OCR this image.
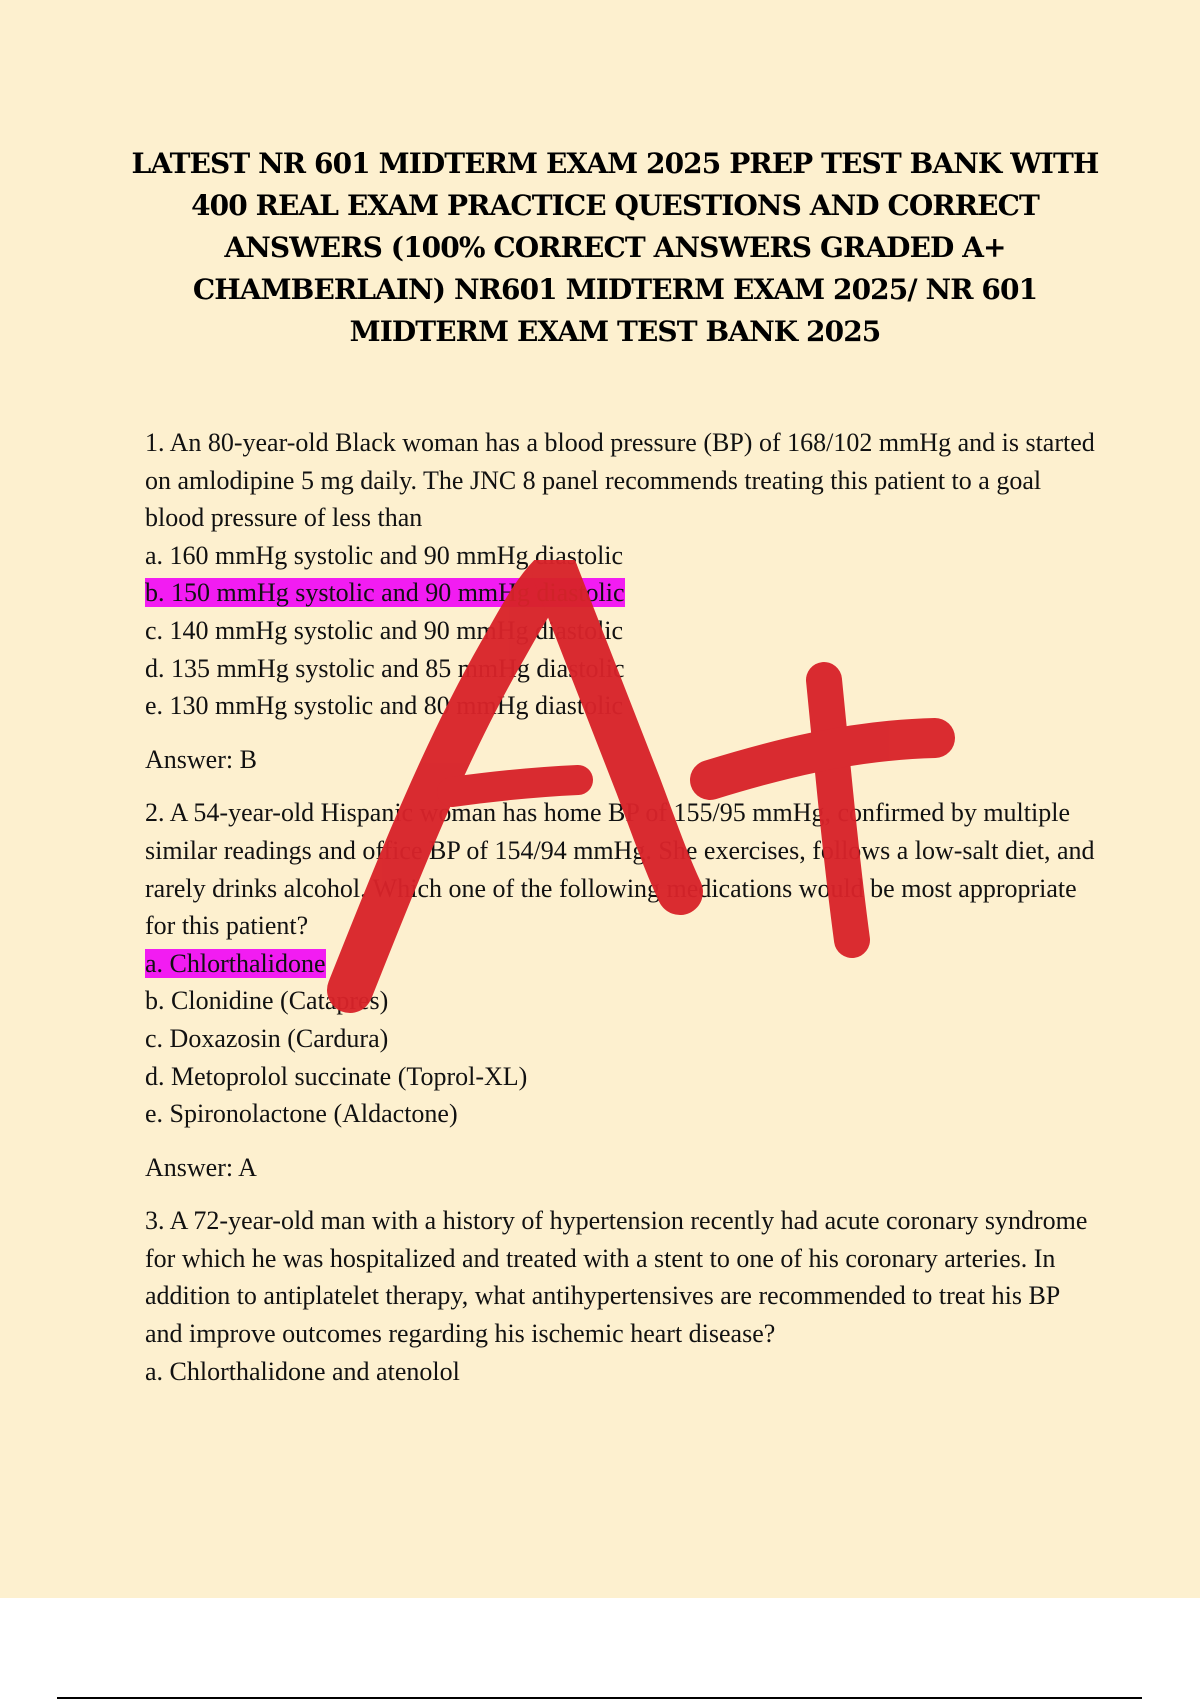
LATEST NR 601 MIDTERM EXAM 2025 PREP TEST BANK WITH 400 REAL EXAM PRACTICE QUESTIONS AND CORRECT ANSWERS (100% CORRECT ANSWERS GRADED A+ CHAMBERLAIN) NR601 MIDTERM EXAM 2025/ NR 601 MIDTERM EXAM TEST BANK 2025

1. An 80-year-old Black woman has a blood pressure (BP) of 168/102 mmHg and is started on amlodipine 5 mg daily. The JNC 8 panel recommends treating this patient to a goal blood pressure of less than

a. 160 mmHg systolic and 90 mmHg diastolic
b. 150 mmHg systolic and 90 mmHg diastolic
c. 140 mmHg systolic and 90 mmHg diastolic
d. 135 mmHg systolic and 85 mmHg diastolic
e. 130 mmHg systolic and 80 mmHg diastolic

Answer: B

2. A 54-year-old Hispanic woman has home BP of 155/95 mmHg, confirmed by multiple similar readings and office BP of 154/94 mmHg. She exercises, follows a low-salt diet, and rarely drinks alcohol. Which one of the following medications would be most appropriate for this patient?

a. Chlorthalidone
b. Clonidine (Catapres)
c. Doxazosin (Cardura)
d. Metoprolol succinate (Toprol-XL)
e. Spironolactone (Aldactone)

Answer: A

3. A 72-year-old man with a history of hypertension recently had acute coronary syndrome for which he was hospitalized and treated with a stent to one of his coronary arteries. In addition to antiplatelet therapy, what antihypertensives are recommended to treat his BP and improve outcomes regarding his ischemic heart disease?

a. Chlorthalidone and atenolol
